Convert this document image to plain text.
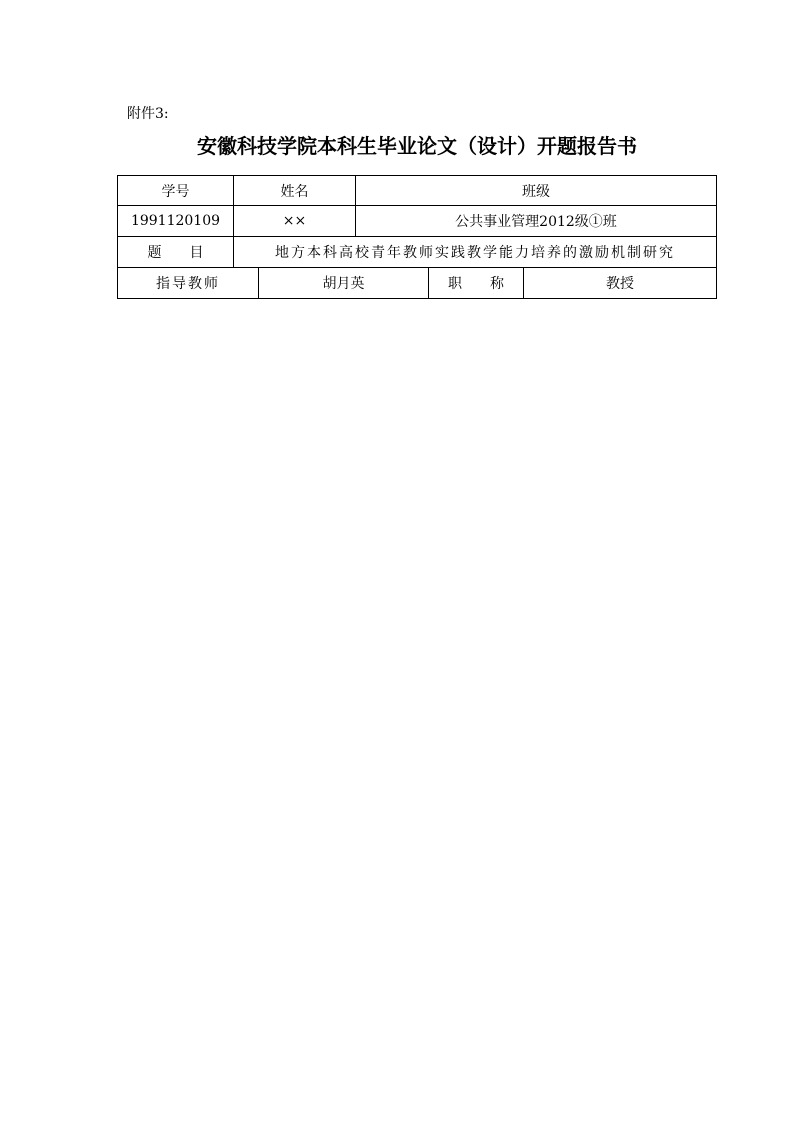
附件3:
安徽科技学院本科生毕业论文（设计）开题报告书
学号	姓名	班级
1991120109	××	公共事业管理2012级①班
题　　目	地方本科高校青年教师实践教学能力培养的激励机制研究
指导教师	胡月英	职　　称	教授
